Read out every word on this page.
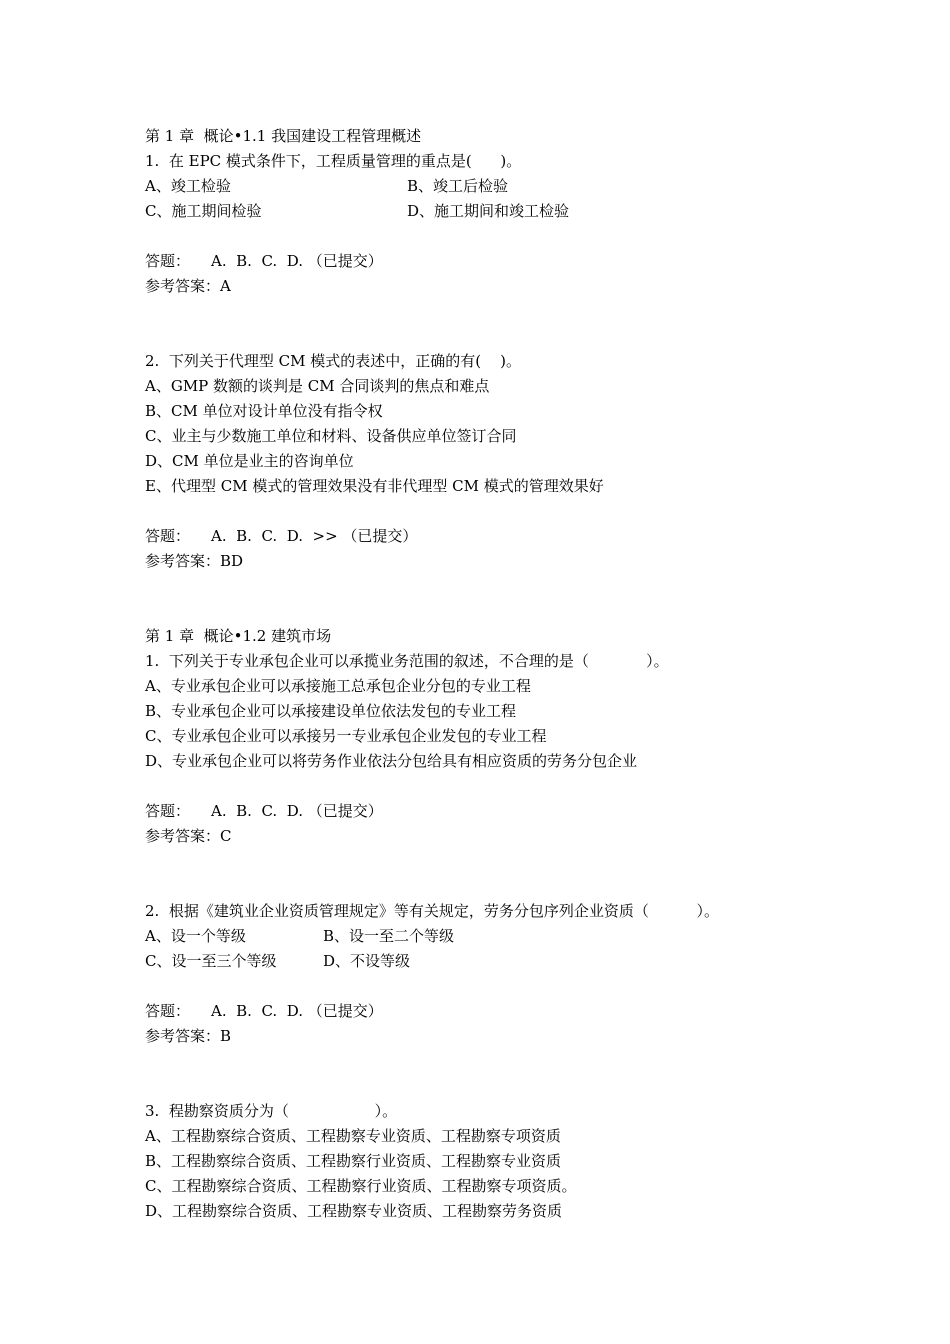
第 1 章  概论•1.1 我国建设工程管理概述
1.  在 EPC 模式条件下，工程质量管理的重点是(      )。
A、竣工检验	B、竣工后检验
C、施工期间检验	D、施工期间和竣工检验
答题： A.  B.  C.  D. （已提交）
参考答案：A
2.  下列关于代理型 CM 模式的表述中，正确的有(    )。
A、GMP 数额的谈判是 CM 合同谈判的焦点和难点
B、CM 单位对设计单位没有指令权
C、业主与少数施工单位和材料、设备供应单位签订合同
D、CM 单位是业主的咨询单位
E、代理型 CM 模式的管理效果没有非代理型 CM 模式的管理效果好
答题： A.  B.  C.  D.  >> （已提交）
参考答案：BD
第 1 章  概论•1.2 建筑市场
1.  下列关于专业承包企业可以承揽业务范围的叙述，不合理的是（            ）。
A、专业承包企业可以承接施工总承包企业分包的专业工程
B、专业承包企业可以承接建设单位依法发包的专业工程
C、专业承包企业可以承接另一专业承包企业发包的专业工程
D、专业承包企业可以将劳务作业依法分包给具有相应资质的劳务分包企业
答题： A.  B.  C.  D. （已提交）
参考答案：C
2.  根据《建筑业企业资质管理规定》等有关规定，劳务分包序列企业资质（          ）。
A、设一个等级	B、设一至二个等级
C、设一至三个等级	D、不设等级
答题： A.  B.  C.  D. （已提交）
参考答案：B
3.  程勘察资质分为（                  ）。
A、工程勘察综合资质、工程勘察专业资质、工程勘察专项资质
B、工程勘察综合资质、工程勘察行业资质、工程勘察专业资质
C、工程勘察综合资质、工程勘察行业资质、工程勘察专项资质。
D、工程勘察综合资质、工程勘察专业资质、工程勘察劳务资质
